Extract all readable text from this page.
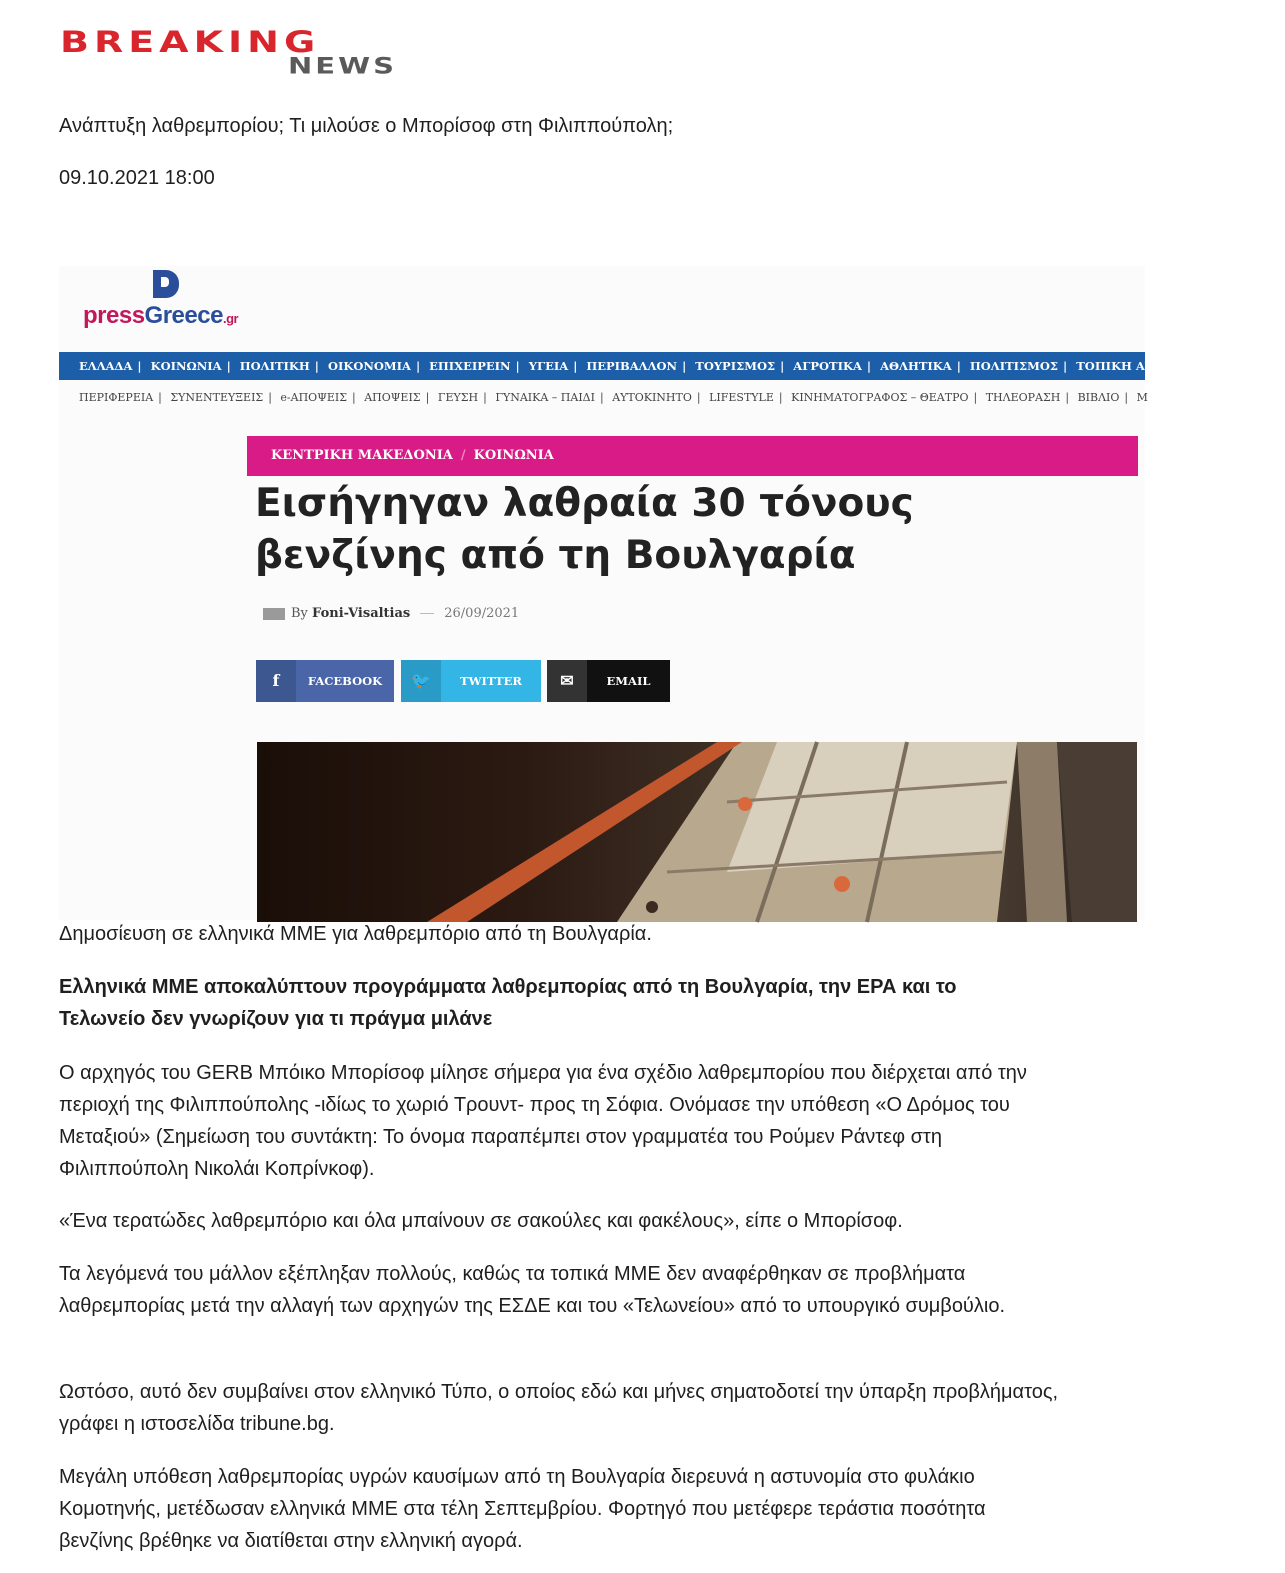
BREAKING
NEWS
Ανάπτυξη λαθρεμπορίου; Τι μιλούσε ο Μπορίσοφ στη Φιλιππούπολη;
09.10.2021 18:00
pressGreece.gr
ΕΛΛΑΔΑ | ΚΟΙΝΩΝΙΑ | ΠΟΛΙΤΙΚΗ | ΟΙΚΟΝΟΜΙΑ | ΕΠΙΧΕΙΡΕΙΝ | ΥΓΕΙΑ | ΠΕΡΙΒΑΛΛΟΝ | ΤΟΥΡΙΣΜΟΣ | ΑΓΡΟΤΙΚΑ | ΑΘΛΗΤΙΚΑ | ΠΟΛΙΤΙΣΜΟΣ | ΤΟΠΙΚΗ ΑΥΤΟΔΙΟΙΚΗΣΗ | ΕΥΡ
ΠΕΡΙΦΕΡΕΙΑ | ΣΥΝΕΝΤΕΥΞΕΙΣ | e-ΑΠΟΨΕΙΣ | ΑΠΟΨΕΙΣ | ΓΕΥΣΗ | ΓΥΝΑΙΚΑ – ΠΑΙΔΙ | ΑΥΤΟΚΙΝΗΤΟ | LIFESTYLE | ΚΙΝΗΜΑΤΟΓΡΑΦΟΣ – ΘΕΑΤΡΟ | ΤΗΛΕΟΡΑΣΗ | ΒΙΒΛΙΟ | M
ΚΕΝΤΡΙΚΗ ΜΑΚΕΔΟΝΙΑ / ΚΟΙΝΩΝΙΑ
Εισήγηγαν λαθραία 30 τόνους
βενζίνης από τη Βουλγαρία
By Foni-Visaltias	26/09/2021
f	FACEBOOK	🐦	TWITTER	✉	EMAIL
Δημοσίευση σε ελληνικά ΜΜΕ για λαθρεμπόριο από τη Βουλγαρία.
Ελληνικά ΜΜΕ αποκαλύπτουν προγράμματα λαθρεμπορίας από τη Βουλγαρία, την ΕΡΑ και το Τελωνείο δεν γνωρίζουν για τι πράγμα μιλάνε
Ο αρχηγός του GERB Μπόικο Μπορίσοφ μίλησε σήμερα για ένα σχέδιο λαθρεμπορίου που διέρχεται από την περιοχή της Φιλιππούπολης -ιδίως το χωριό Τρουντ- προς τη Σόφια. Ονόμασε την υπόθεση «Ο Δρόμος του Μεταξιού» (Σημείωση του συντάκτη: Το όνομα παραπέμπει στον γραμματέα του Ρούμεν Ράντεφ στη Φιλιππούπολη Νικολάι Κοπρίνκοφ).
«Ένα τερατώδες λαθρεμπόριο και όλα μπαίνουν σε σακούλες και φακέλους», είπε ο Μπορίσοφ.
Τα λεγόμενά του μάλλον εξέπληξαν πολλούς, καθώς τα τοπικά ΜΜΕ δεν αναφέρθηκαν σε προβλήματα λαθρεμπορίας μετά την αλλαγή των αρχηγών της ΕΣΔΕ και του «Τελωνείου» από το υπουργικό συμβούλιο.
Ωστόσο, αυτό δεν συμβαίνει στον ελληνικό Τύπο, ο οποίος εδώ και μήνες σηματοδοτεί την ύπαρξη προβλήματος, γράφει η ιστοσελίδα tribune.bg.
Μεγάλη υπόθεση λαθρεμπορίας υγρών καυσίμων από τη Βουλγαρία διερευνά η αστυνομία στο φυλάκιο Κομοτηνής, μετέδωσαν ελληνικά ΜΜΕ στα τέλη Σεπτεμβρίου. Φορτηγό που μετέφερε τεράστια ποσότητα βενζίνης βρέθηκε να διατίθεται στην ελληνική αγορά.
